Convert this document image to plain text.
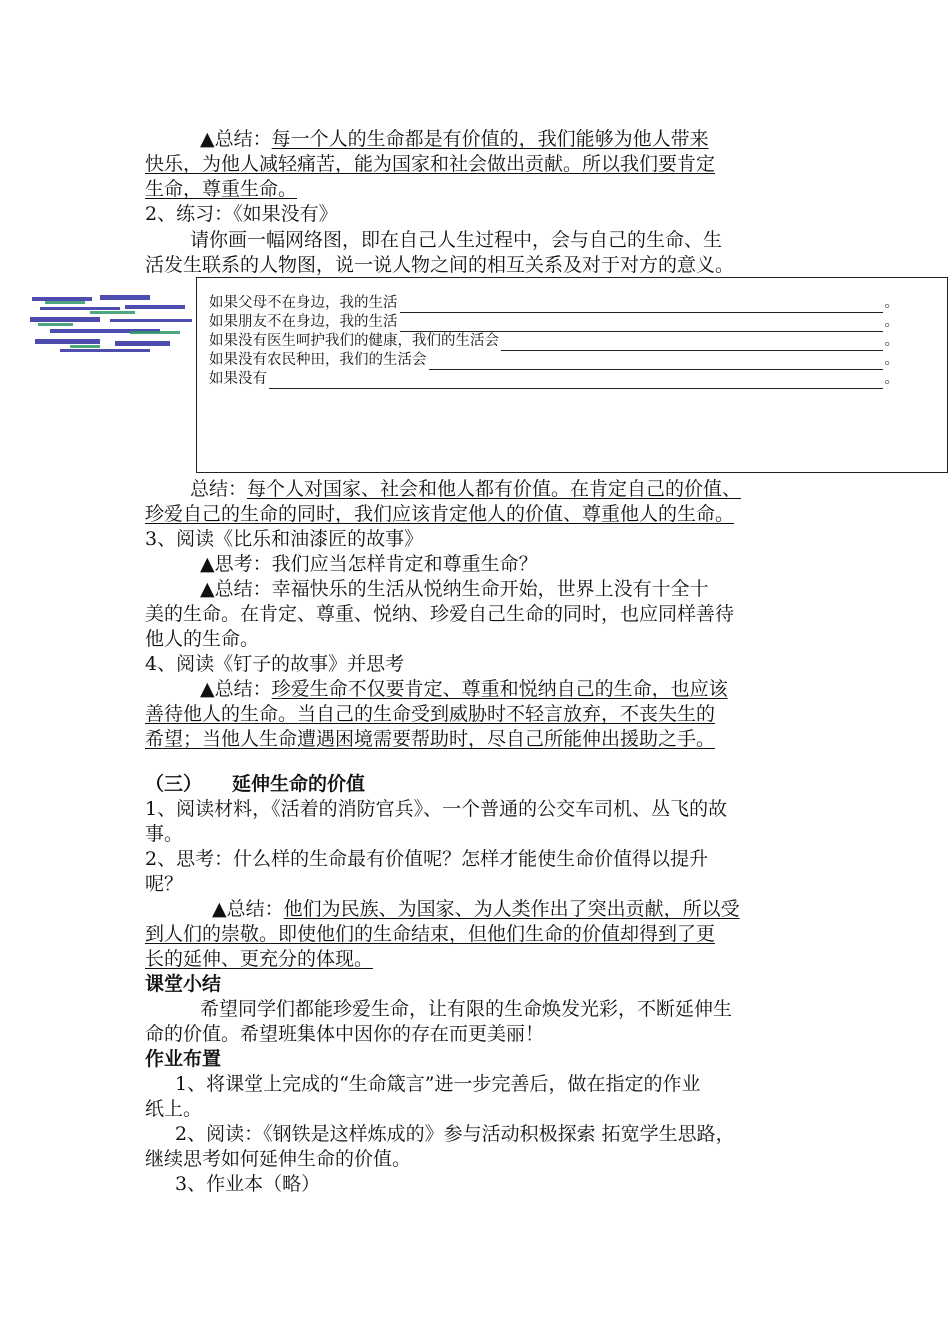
▲总结：每一个人的生命都是有价值的，我们能够为他人带来
快乐，为他人减轻痛苦，能为国家和社会做出贡献。所以我们要肯定
生命，尊重生命。
2、练习：《如果没有》
请你画一幅网络图，即在自己人生过程中，会与自己的生命、生
活发生联系的人物图，说一说人物之间的相互关系及对于对方的意义。
如果父母不在身边，我的生活	。
如果朋友不在身边，我的生活	。
如果没有医生呵护我们的健康，我们的生活会	。
如果没有农民种田，我们的生活会	。
如果没有	。
总结：每个人对国家、社会和他人都有价值。在肯定自己的价值、
珍爱自己的生命的同时，我们应该肯定他人的价值、尊重他人的生命。
3、阅读《比乐和油漆匠的故事》
▲思考：我们应当怎样肯定和尊重生命？
▲总结：幸福快乐的生活从悦纳生命开始，世界上没有十全十
美的生命。在肯定、尊重、悦纳、珍爱自己生命的同时，也应同样善待
他人的生命。
4、阅读《钉子的故事》并思考
▲总结：珍爱生命不仅要肯定、尊重和悦纳自己的生命，也应该
善待他人的生命。当自己的生命受到威胁时不轻言放弃，不丧失生的
希望；当他人生命遭遇困境需要帮助时，尽自己所能伸出援助之手。
（三） 延伸生命的价值
1、阅读材料，《活着的消防官兵》、一个普通的公交车司机、丛飞的故
事。
2、思考：什么样的生命最有价值呢？怎样才能使生命价值得以提升
呢？
▲总结：他们为民族、为国家、为人类作出了突出贡献，所以受
到人们的崇敬。即使他们的生命结束，但他们生命的价值却得到了更
长的延伸、更充分的体现。
课堂小结
希望同学们都能珍爱生命，让有限的生命焕发光彩，不断延伸生
命的价值。希望班集体中因你的存在而更美丽！
作业布置
1、将课堂上完成的“生命箴言”进一步完善后，做在指定的作业
纸上。
2、阅读：《钢铁是这样炼成的》参与活动积极探索 拓宽学生思路，
继续思考如何延伸生命的价值。
3、作业本（略）
